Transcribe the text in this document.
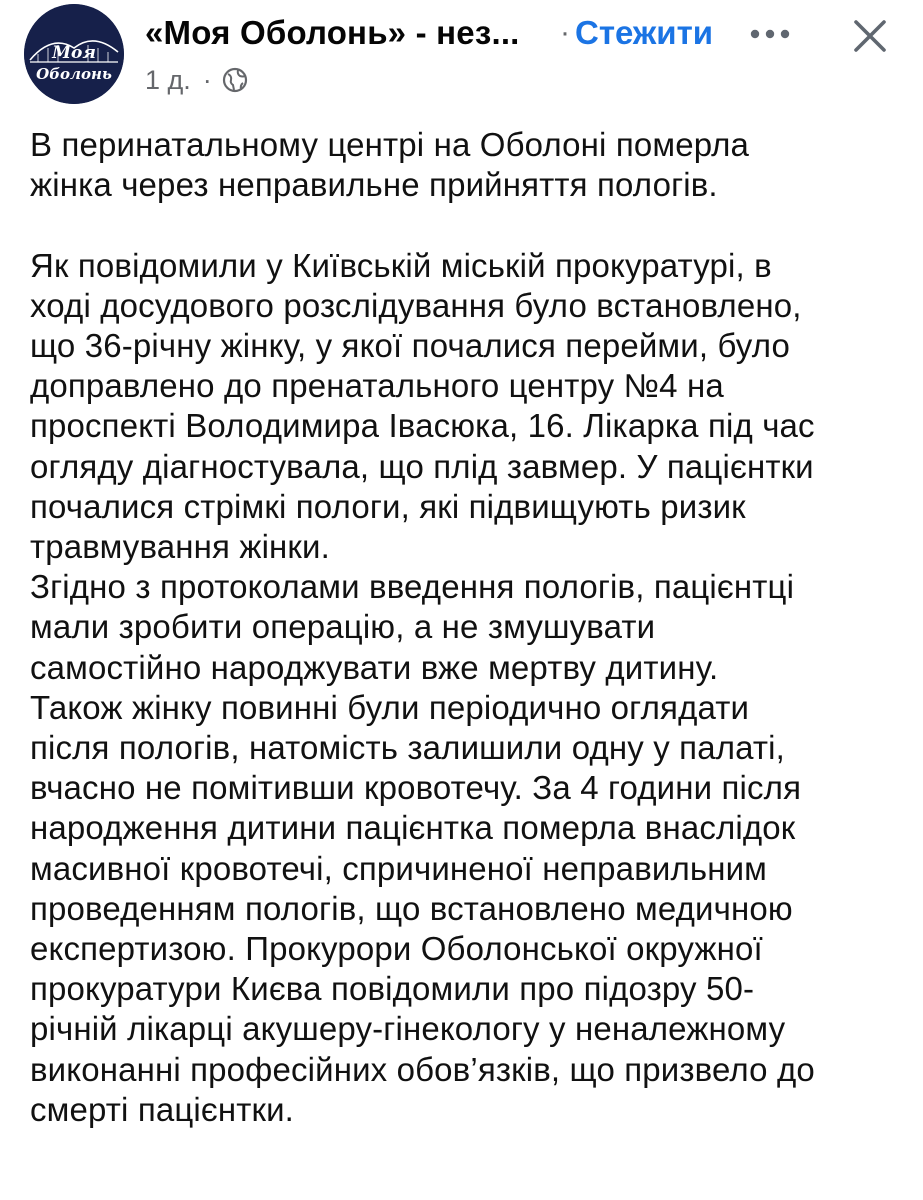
Моя
Оболонь
«Моя Оболонь» - нез... · Стежити
1 д. ·

В перинатальному центрі на Оболоні померла
жінка через неправильне прийняття пологів.

Як повідомили у Київській міській прокуратурі, в
ході досудового розслідування було встановлено,
що 36-річну жінку, у якої почалися перейми, було
доправлено до пренатального центру №4 на
проспекті Володимира Івасюка, 16. Лікарка під час
огляду діагностувала, що плід завмер. У пацієнтки
почалися стрімкі пологи, які підвищують ризик
травмування жінки.

Згідно з протоколами введення пологів, пацієнтці
мали зробити операцію, а не змушувати
самостійно народжувати вже мертву дитину.
Також жінку повинні були періодично оглядати
після пологів, натомість залишили одну у палаті,
вчасно не помітивши кровотечу. За 4 години після
народження дитини пацієнтка померла внаслідок
масивної кровотечі, спричиненої неправильним
проведенням пологів, що встановлено медичною
експертизою. Прокурори Оболонської окружної
прокуратури Києва повідомили про підозру 50-
річній лікарці акушеру-гінекологу у неналежному
виконанні професійних обов’язків, що призвело до
смерті пацієнтки.
